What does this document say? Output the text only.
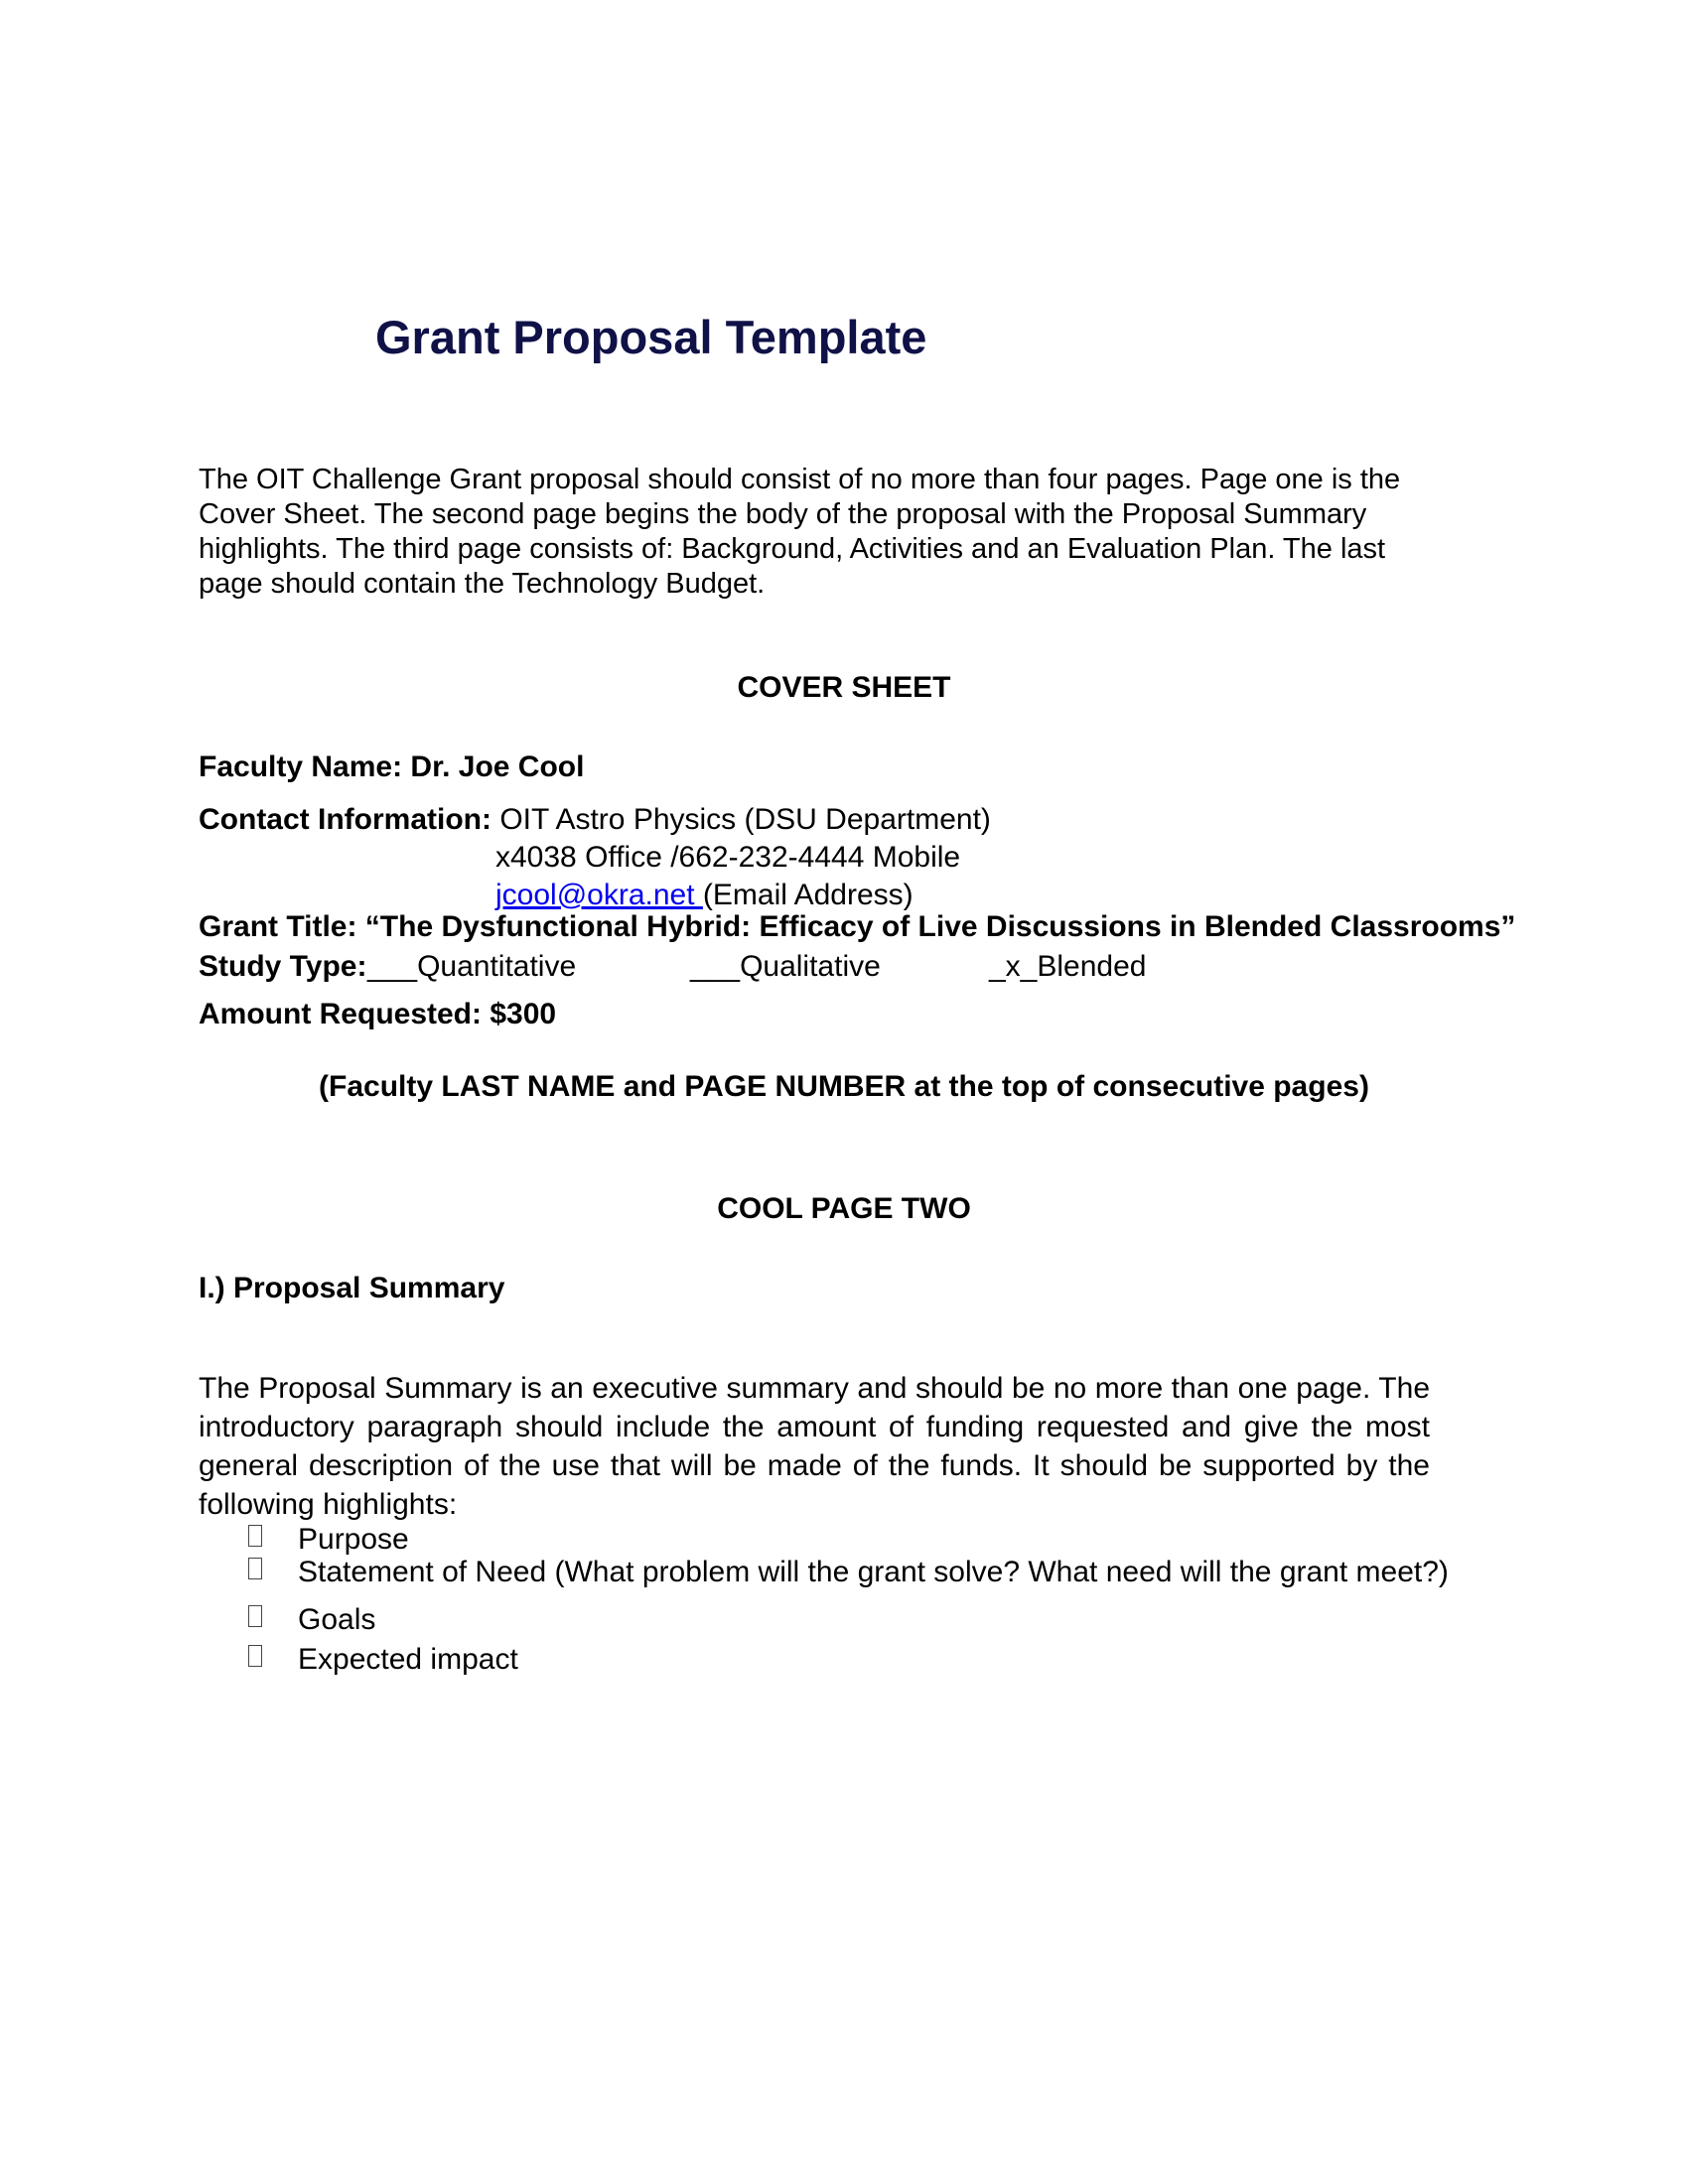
Grant Proposal Template
The OIT Challenge Grant proposal should consist of no more than four pages. Page one is the Cover Sheet. The second page begins the body of the proposal with the Proposal Summary highlights. The third page consists of: Background, Activities and an Evaluation Plan. The last page should contain the Technology Budget.
COVER SHEET
Faculty Name: Dr. Joe Cool
Contact Information: OIT Astro Physics (DSU Department)
x4038 Office /662-232-4444 Mobile
jcool@okra.net (Email Address)
Grant Title: “The Dysfunctional Hybrid: Efficacy of Live Discussions in Blended Classrooms”
Study Type: ___Quantitative	___Qualitative	_x_Blended
Amount Requested: $300
(Faculty LAST NAME and PAGE NUMBER at the top of consecutive pages)
COOL PAGE TWO
I.) Proposal Summary
The Proposal Summary is an executive summary and should be no more than one page. The introductory paragraph should include the amount of funding requested and give the most general description of the use that will be made of the funds. It should be supported by the following highlights:
Purpose
Statement of Need (What problem will the grant solve? What need will the grant meet?)
Goals
Expected impact
